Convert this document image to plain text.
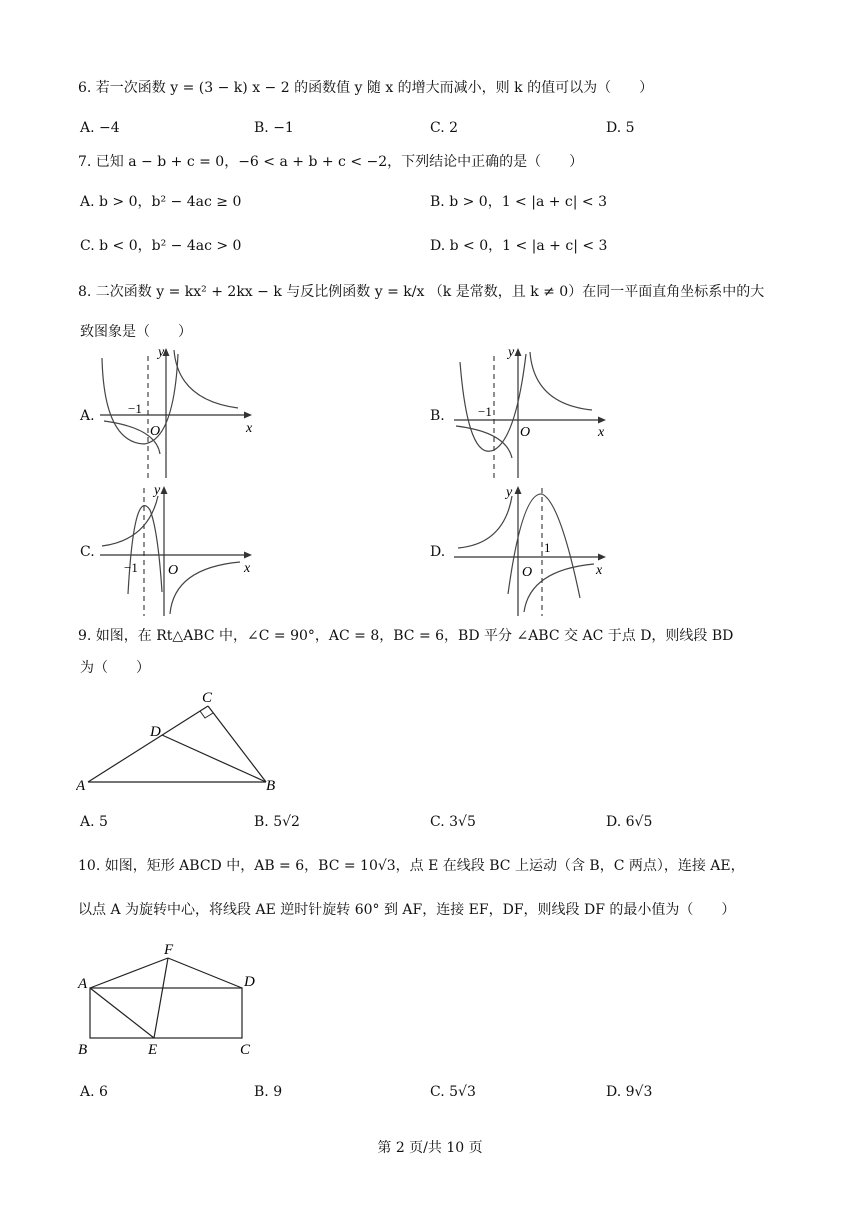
6. 若一次函数 y = (3 − k) x − 2 的函数值 y 随 x 的增大而减小，则 k 的值可以为（　　）
A. −4	B. −1	C. 2	D. 5
7. 已知 a − b + c = 0，−6 < a + b + c < −2，下列结论中正确的是（　　）
A. b > 0，b² − 4ac ≥ 0	B. b > 0，1 < |a + c| < 3
C. b < 0，b² − 4ac > 0	D. b < 0，1 < |a + c| < 3
8. 二次函数 y = kx² + 2kx − k 与反比例函数 y = k/x （k 是常数，且 k ≠ 0）在同一平面直角坐标系中的大
致图象是（　　）
A.	B.
C.	D.
−1
O	x
y
−1
O	x
y
−1 O	x
y
1
O	x
y
9. 如图，在 Rt△ABC 中，∠C = 90°，AC = 8，BC = 6，BD 平分 ∠ABC 交 AC 于点 D，则线段 BD
为（　　）
A	B
C
D
A. 5	B. 5√2	C. 3√5	D. 6√5
10. 如图，矩形 ABCD 中，AB = 6，BC = 10√3，点 E 在线段 BC 上运动（含 B，C 两点），连接 AE，
以点 A 为旋转中心，将线段 AE 逆时针旋转 60° 到 AF，连接 EF，DF，则线段 DF 的最小值为（　　）
A
B	C
D
E
F
A. 6	B. 9	C. 5√3	D. 9√3
第 2 页/共 10 页
